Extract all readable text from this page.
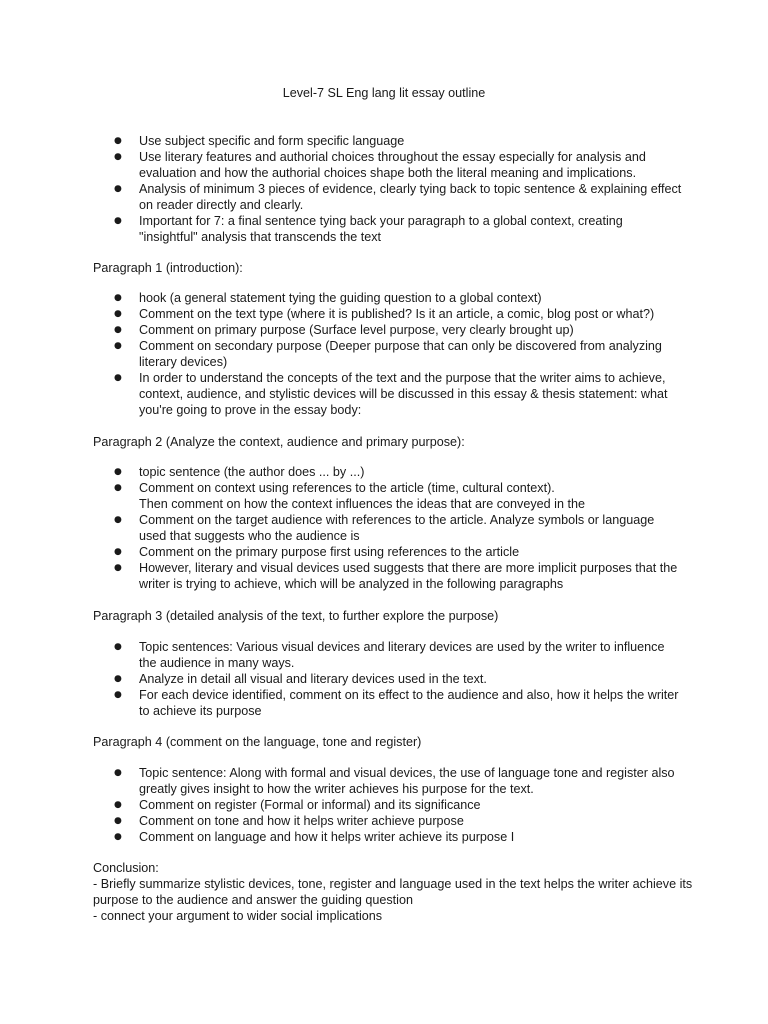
Level-7 SL Eng lang lit essay outline
● Use subject specific and form specific language
● Use literary features and authorial choices throughout the essay especially for analysis and evaluation and how the authorial choices shape both the literal meaning and implications.
● Analysis of minimum 3 pieces of evidence, clearly tying back to topic sentence & explaining effect on reader directly and clearly.
● Important for 7: a final sentence tying back your paragraph to a global context, creating "insightful" analysis that transcends the text
Paragraph 1 (introduction):
● hook (a general statement tying the guiding question to a global context)
● Comment on the text type (where it is published? Is it an article, a comic, blog post or what?)
● Comment on primary purpose (Surface level purpose, very clearly brought up)
● Comment on secondary purpose (Deeper purpose that can only be discovered from analyzing literary devices)
● In order to understand the concepts of the text and the purpose that the writer aims to achieve, context, audience, and stylistic devices will be discussed in this essay & thesis statement: what you're going to prove in the essay body:
Paragraph 2 (Analyze the context, audience and primary purpose):
● topic sentence (the author does ... by ...)
● Comment on context using references to the article (time, cultural context).
Then comment on how the context influences the ideas that are conveyed in the
● Comment on the target audience with references to the article. Analyze symbols or language used that suggests who the audience is
● Comment on the primary purpose first using references to the article
● However, literary and visual devices used suggests that there are more implicit purposes that the writer is trying to achieve, which will be analyzed in the following paragraphs
Paragraph 3 (detailed analysis of the text, to further explore the purpose)
● Topic sentences: Various visual devices and literary devices are used by the writer to influence the audience in many ways.
● Analyze in detail all visual and literary devices used in the text.
● For each device identified, comment on its effect to the audience and also, how it helps the writer to achieve its purpose
Paragraph 4 (comment on the language, tone and register)
● Topic sentence: Along with formal and visual devices, the use of language tone and register also greatly gives insight to how the writer achieves his purpose for the text.
● Comment on register (Formal or informal) and its significance
● Comment on tone and how it helps writer achieve purpose
● Comment on language and how it helps writer achieve its purpose I
Conclusion:
- Briefly summarize stylistic devices, tone, register and language used in the text helps the writer achieve its purpose to the audience and answer the guiding question
- connect your argument to wider social implications
